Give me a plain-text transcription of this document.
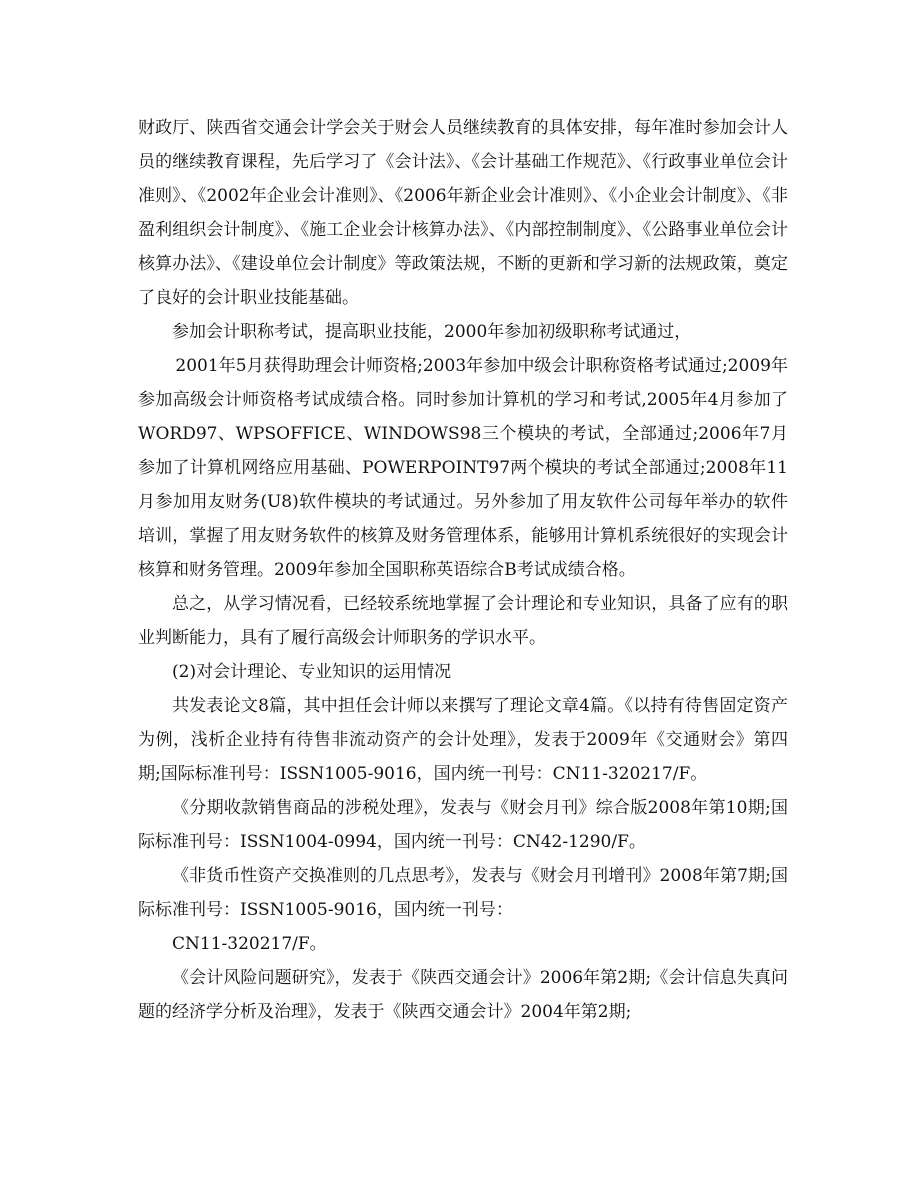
财政厅、陕西省交通会计学会关于财会人员继续教育的具体安排，每年准时参加会计人员的继续教育课程，先后学习了《会计法》、《会计基础工作规范》、《行政事业单位会计准则》、《2002年企业会计准则》、《2006年新企业会计准则》、《小企业会计制度》、《非盈利组织会计制度》、《施工企业会计核算办法》、《内部控制制度》、《公路事业单位会计核算办法》、《建设单位会计制度》等政策法规，不断的更新和学习新的法规政策，奠定了良好的会计职业技能基础。

参加会计职称考试，提高职业技能，2000年参加初级职称考试通过，

2001年5月获得助理会计师资格;2003年参加中级会计职称资格考试通过;2009年参加高级会计师资格考试成绩合格。同时参加计算机的学习和考试,2005年4月参加了WORD97、WPSOFFICE、WINDOWS98三个模块的考试，全部通过;2006年7月参加了计算机网络应用基础、POWERPOINT97两个模块的考试全部通过;2008年11月参加用友财务(U8)软件模块的考试通过。另外参加了用友软件公司每年举办的软件培训，掌握了用友财务软件的核算及财务管理体系，能够用计算机系统很好的实现会计核算和财务管理。2009年参加全国职称英语综合B考试成绩合格。

总之，从学习情况看，已经较系统地掌握了会计理论和专业知识，具备了应有的职业判断能力，具有了履行高级会计师职务的学识水平。

(2)对会计理论、专业知识的运用情况

共发表论文8篇，其中担任会计师以来撰写了理论文章4篇。《以持有待售固定资产为例，浅析企业持有待售非流动资产的会计处理》，发表于2009年《交通财会》第四期;国际标准刊号：ISSN1005-9016，国内统一刊号：CN11-320217/F。

《分期收款销售商品的涉税处理》，发表与《财会月刊》综合版2008年第10期;国际标准刊号：ISSN1004-0994，国内统一刊号：CN42-1290/F。

《非货币性资产交换准则的几点思考》，发表与《财会月刊增刊》2008年第7期;国际标准刊号：ISSN1005-9016，国内统一刊号：

CN11-320217/F。

《会计风险问题研究》，发表于《陕西交通会计》2006年第2期;《会计信息失真问题的经济学分析及治理》，发表于《陕西交通会计》2004年第2期;
